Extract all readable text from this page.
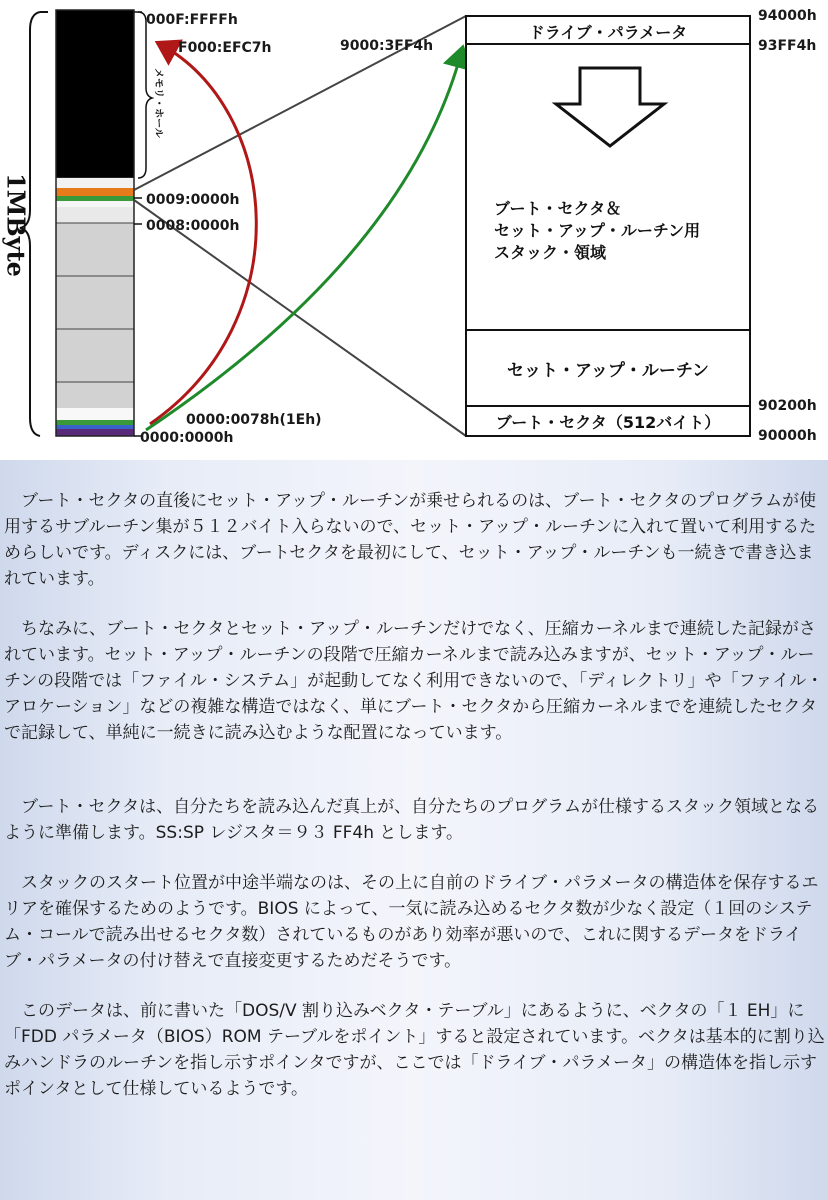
1MByte
メモリ・ホール
000F:FFFFh
F000:EFC7h
0009:0000h
0008:0000h
0000:0078h(1Eh)
0000:0000h
9000:3FF4h
94000h
93FF4h
90200h
90000h
ドライブ・パラメータ
ブート・セクタ＆
セット・アップ・ルーチン用
スタック・領域
セット・アップ・ルーチン
ブート・セクタ（512バイト）

　ブート・セクタの直後にセット・アップ・ルーチンが乗せられるのは、ブート・セクタのプログラムが使用するサブルーチン集が５１２バイト入らないので、セット・アップ・ルーチンに入れて置いて利用するためらしいです。ディスクには、ブートセクタを最初にして、セット・アップ・ルーチンも一続きで書き込まれています。

　ちなみに、ブート・セクタとセット・アップ・ルーチンだけでなく、圧縮カーネルまで連続した記録がされています。セット・アップ・ルーチンの段階で圧縮カーネルまで読み込みますが、セット・アップ・ルーチンの段階では「ファイル・システム」が起動してなく利用できないので、「ディレクトリ」や「ファイル・アロケーション」などの複雑な構造ではなく、単にブート・セクタから圧縮カーネルまでを連続したセクタで記録して、単純に一続きに読み込むような配置になっています。

　ブート・セクタは、自分たちを読み込んだ真上が、自分たちのプログラムが仕様するスタック領域となるように準備します。SS:SP レジスタ＝９３ FF4h とします。

　スタックのスタート位置が中途半端なのは、その上に自前のドライブ・パラメータの構造体を保存するエリアを確保するためのようです。BIOS によって、一気に読み込めるセクタ数が少なく設定（１回のシステム・コールで読み出せるセクタ数）されているものがあり効率が悪いので、これに関するデータをドライブ・パラメータの付け替えで直接変更するためだそうです。

　このデータは、前に書いた「DOS/V 割り込みベクタ・テーブル」にあるように、ベクタの「１ EH」に「FDD パラメータ（BIOS）ROM テーブルをポイント」すると設定されています。ベクタは基本的に割り込みハンドラのルーチンを指し示すポインタですが、ここでは「ドライブ・パラメータ」の構造体を指し示すポインタとして仕様しているようです。
